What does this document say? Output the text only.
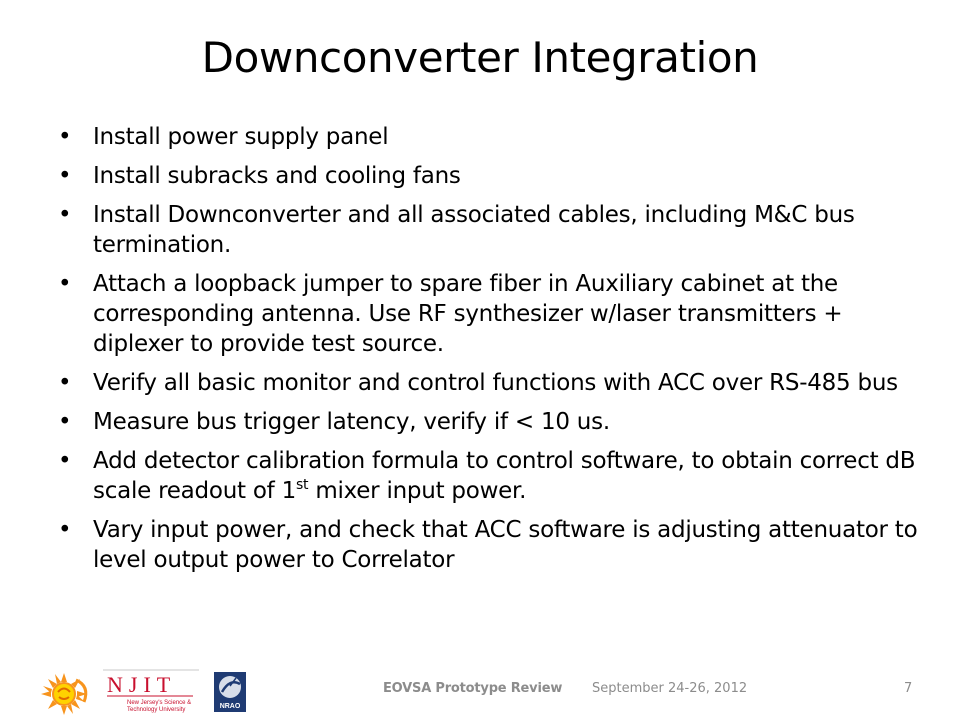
Downconverter Integration
• Install power supply panel
• Install subracks and cooling fans
• Install Downconverter and all associated cables, including M&C bus termination.
• Attach a loopback jumper to spare fiber in Auxiliary cabinet at the corresponding antenna. Use RF synthesizer w/laser transmitters + diplexer to provide test source.
• Verify all basic monitor and control functions with ACC over RS-485 bus
• Measure bus trigger latency, verify if < 10 us.
• Add detector calibration formula to control software, to obtain correct dB scale readout of 1st mixer input power.
• Vary input power, and check that ACC software is adjusting attenuator to level output power to Correlator
NJIT
New Jersey's Science &
Technology University	NRAO
EOVSA Prototype Review September 24-26, 2012	7
